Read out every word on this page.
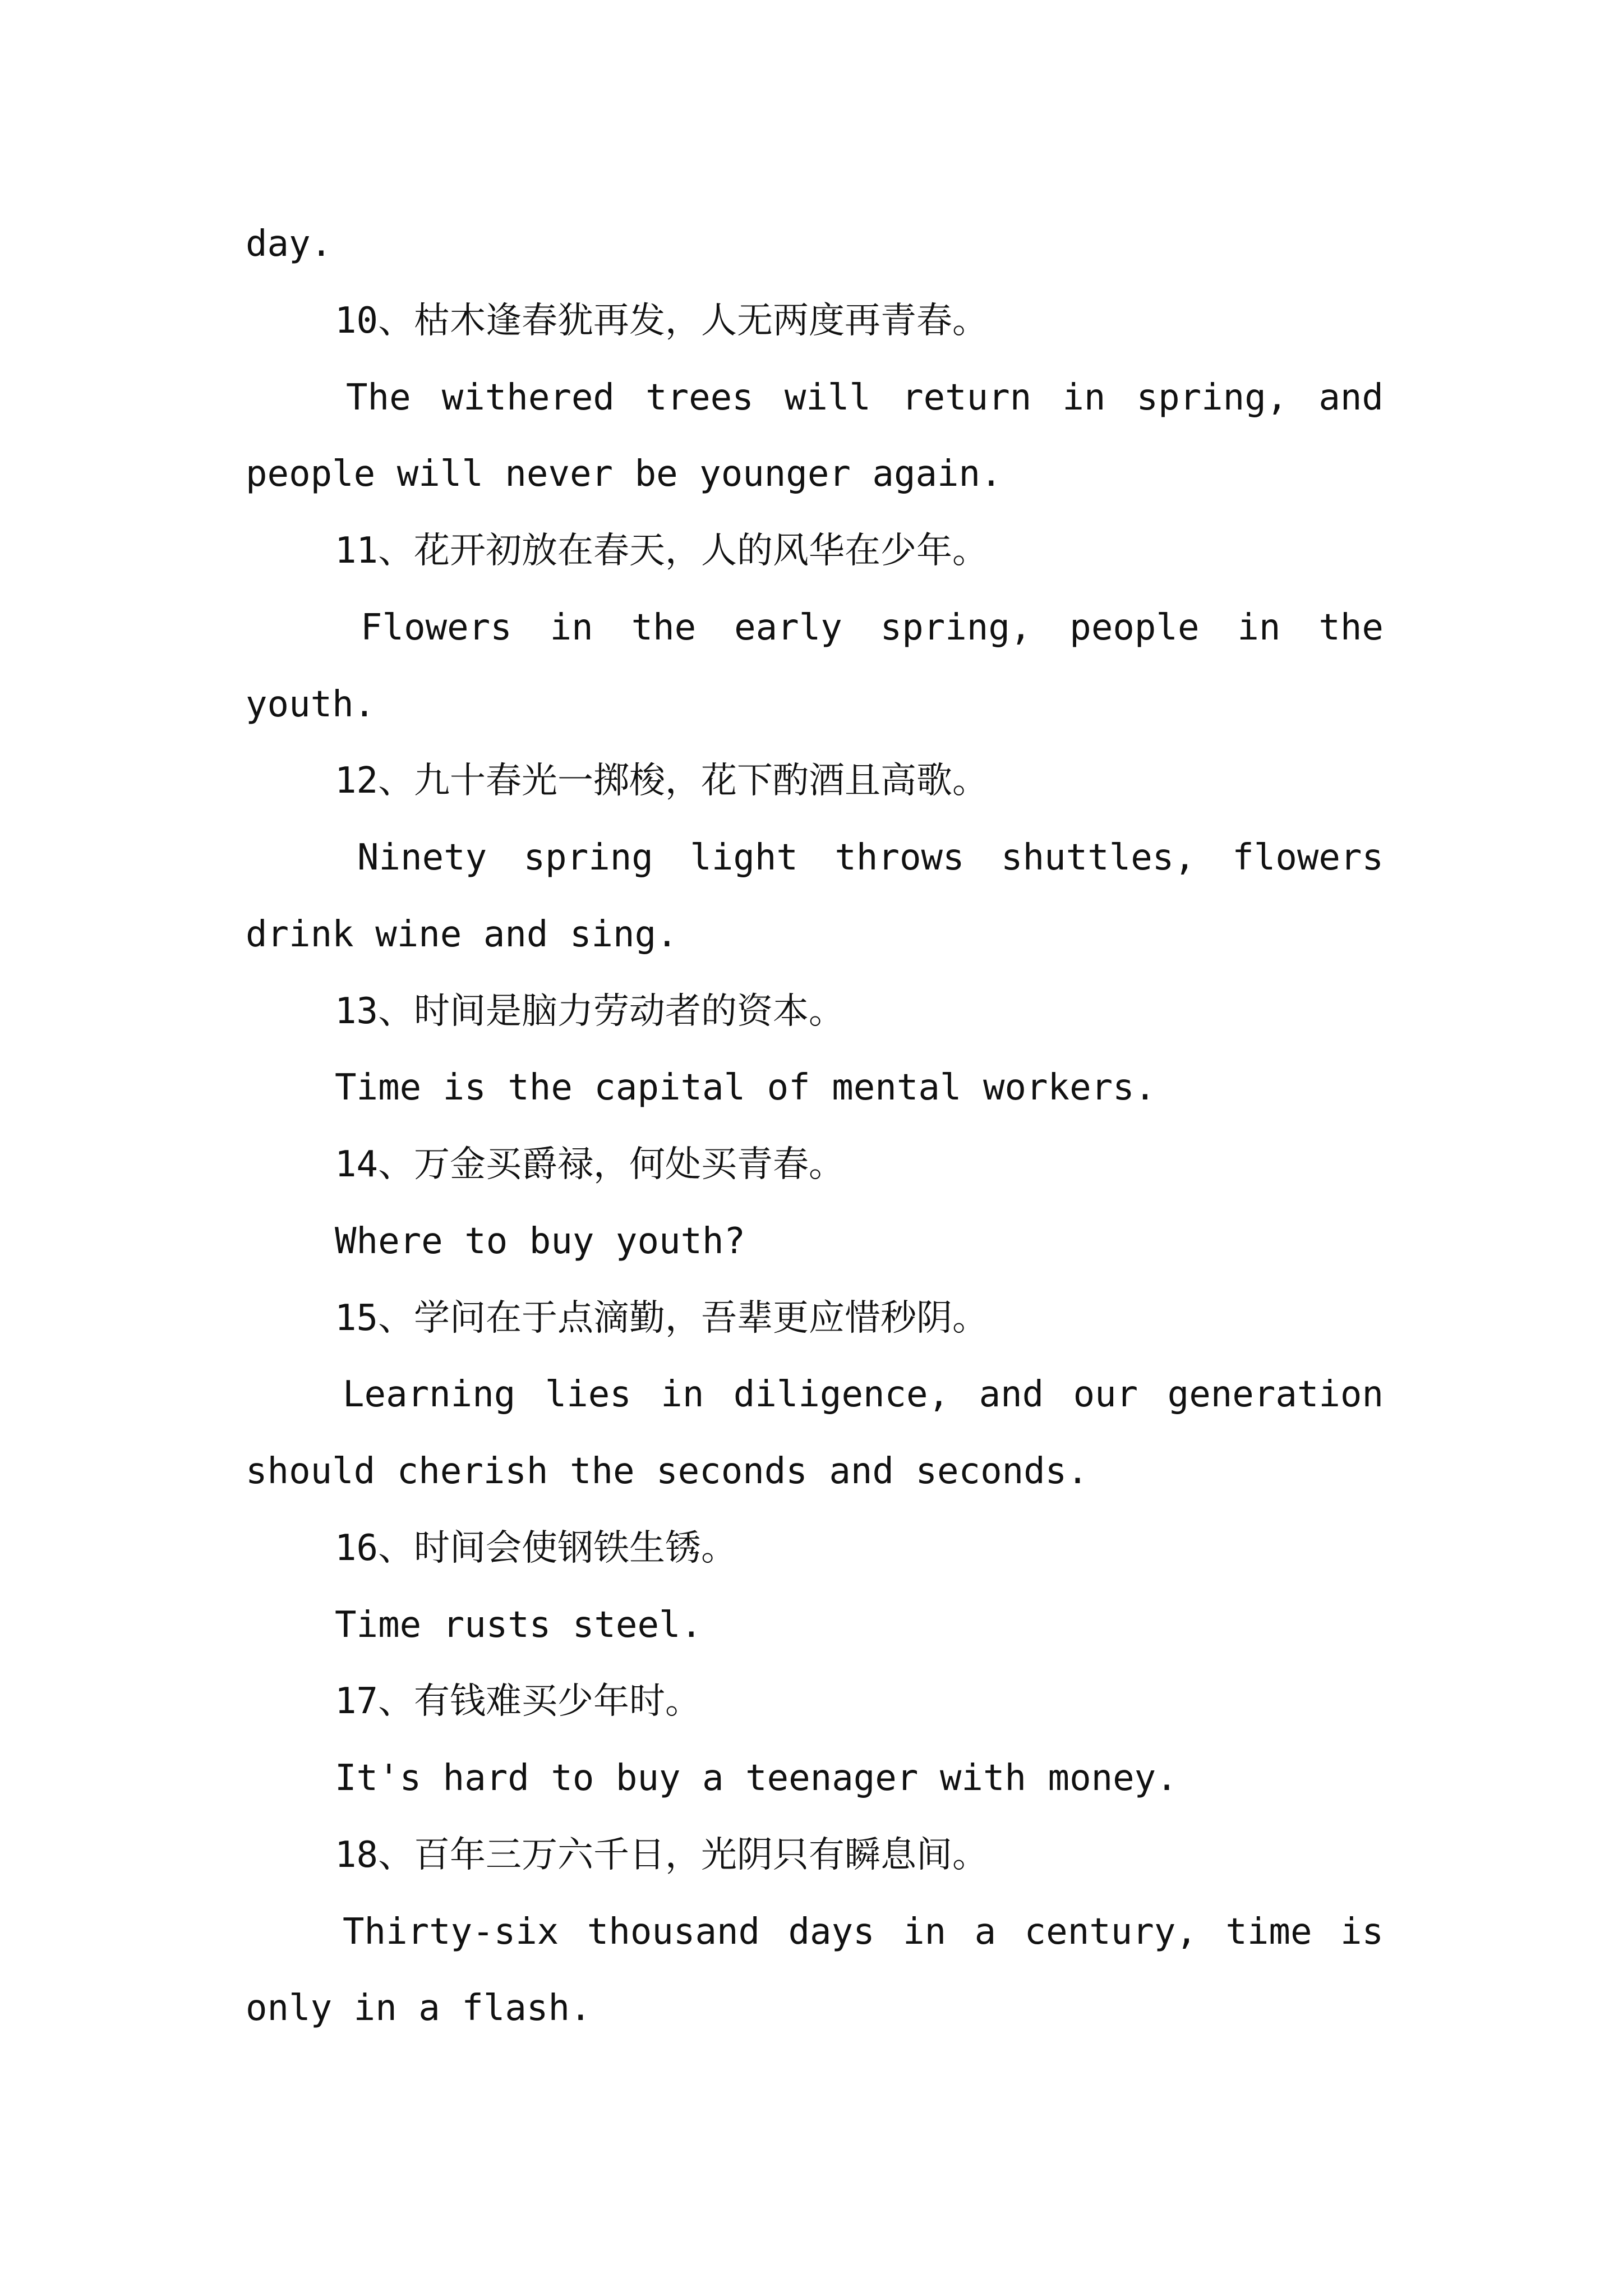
day.
10、枯木逢春犹再发，人无两度再青春。
The withered trees will return in spring, and
people will never be younger again.
11、花开初放在春天，人的风华在少年。
Flowers in the early spring, people in the
youth.
12、九十春光一掷梭，花下酌酒且高歌。
Ninety spring light throws shuttles, flowers
drink wine and sing.
13、时间是脑力劳动者的资本。
Time is the capital of mental workers.
14、万金买爵禄，何处买青春。
Where to buy youth?
15、学问在于点滴勤，吾辈更应惜秒阴。
Learning lies in diligence, and our generation
should cherish the seconds and seconds.
16、时间会使钢铁生锈。
Time rusts steel.
17、有钱难买少年时。
It's hard to buy a teenager with money.
18、百年三万六千日，光阴只有瞬息间。
Thirty-six thousand days in a century, time is
only in a flash.
